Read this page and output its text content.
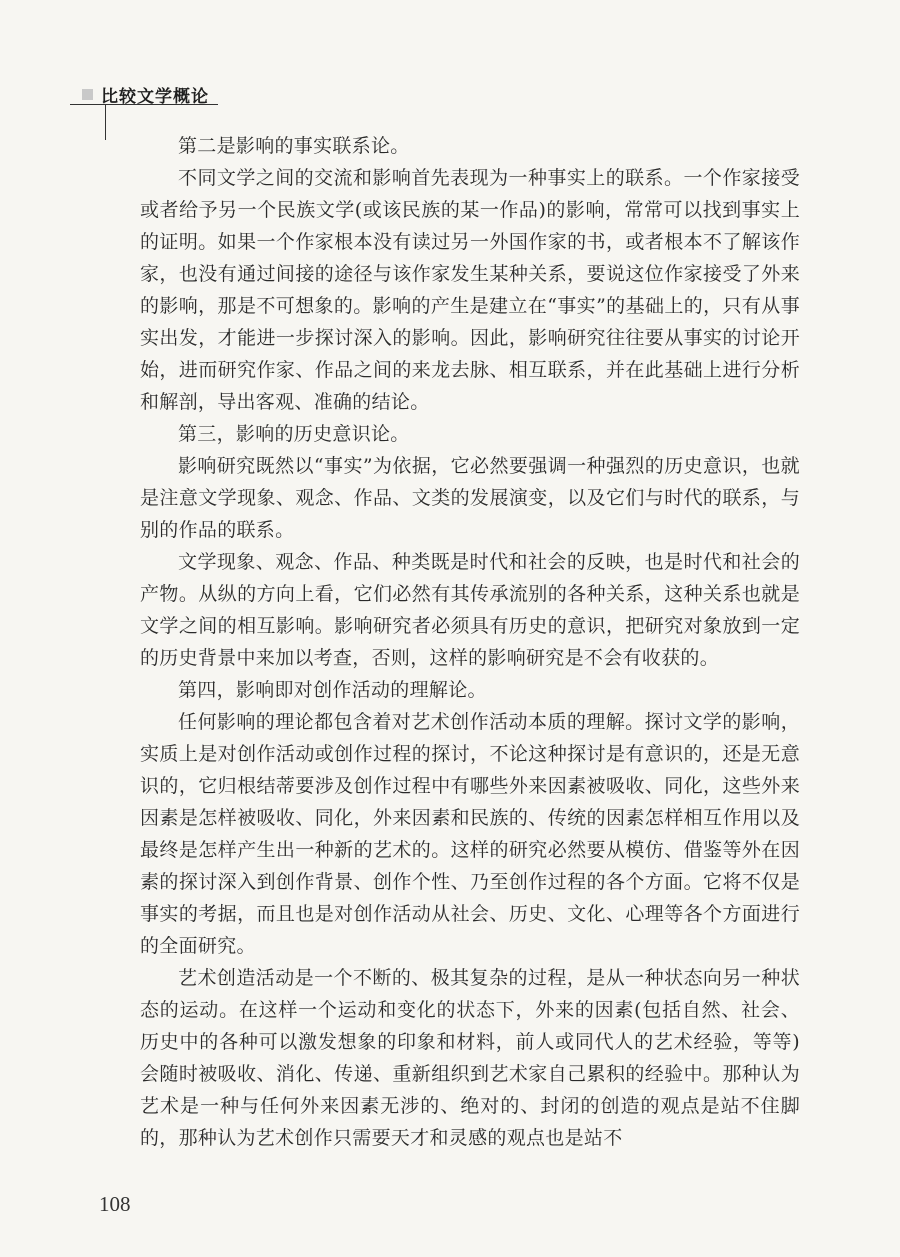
比较文学概论

第二是影响的事实联系论。

不同文学之间的交流和影响首先表现为一种事实上的联系。一个作家接受或者给予另一个民族文学(或该民族的某一作品)的影响，常常可以找到事实上的证明。如果一个作家根本没有读过另一外国作家的书，或者根本不了解该作家，也没有通过间接的途径与该作家发生某种关系，要说这位作家接受了外来的影响，那是不可想象的。影响的产生是建立在“事实”的基础上的，只有从事实出发，才能进一步探讨深入的影响。因此，影响研究往往要从事实的讨论开始，进而研究作家、作品之间的来龙去脉、相互联系，并在此基础上进行分析和解剖，导出客观、准确的结论。

第三，影响的历史意识论。

影响研究既然以“事实”为依据，它必然要强调一种强烈的历史意识，也就是注意文学现象、观念、作品、文类的发展演变，以及它们与时代的联系，与别的作品的联系。

文学现象、观念、作品、种类既是时代和社会的反映，也是时代和社会的产物。从纵的方向上看，它们必然有其传承流别的各种关系，这种关系也就是文学之间的相互影响。影响研究者必须具有历史的意识，把研究对象放到一定的历史背景中来加以考查，否则，这样的影响研究是不会有收获的。

第四，影响即对创作活动的理解论。

任何影响的理论都包含着对艺术创作活动本质的理解。探讨文学的影响，实质上是对创作活动或创作过程的探讨，不论这种探讨是有意识的，还是无意识的，它归根结蒂要涉及创作过程中有哪些外来因素被吸收、同化，这些外来因素是怎样被吸收、同化，外来因素和民族的、传统的因素怎样相互作用以及最终是怎样产生出一种新的艺术的。这样的研究必然要从模仿、借鉴等外在因素的探讨深入到创作背景、创作个性、乃至创作过程的各个方面。它将不仅是事实的考据，而且也是对创作活动从社会、历史、文化、心理等各个方面进行的全面研究。

艺术创造活动是一个不断的、极其复杂的过程，是从一种状态向另一种状态的运动。在这样一个运动和变化的状态下，外来的因素(包括自然、社会、历史中的各种可以激发想象的印象和材料，前人或同代人的艺术经验，等等)会随时被吸收、消化、传递、重新组织到艺术家自己累积的经验中。那种认为艺术是一种与任何外来因素无涉的、绝对的、封闭的创造的观点是站不住脚的，那种认为艺术创作只需要天才和灵感的观点也是站不

108
